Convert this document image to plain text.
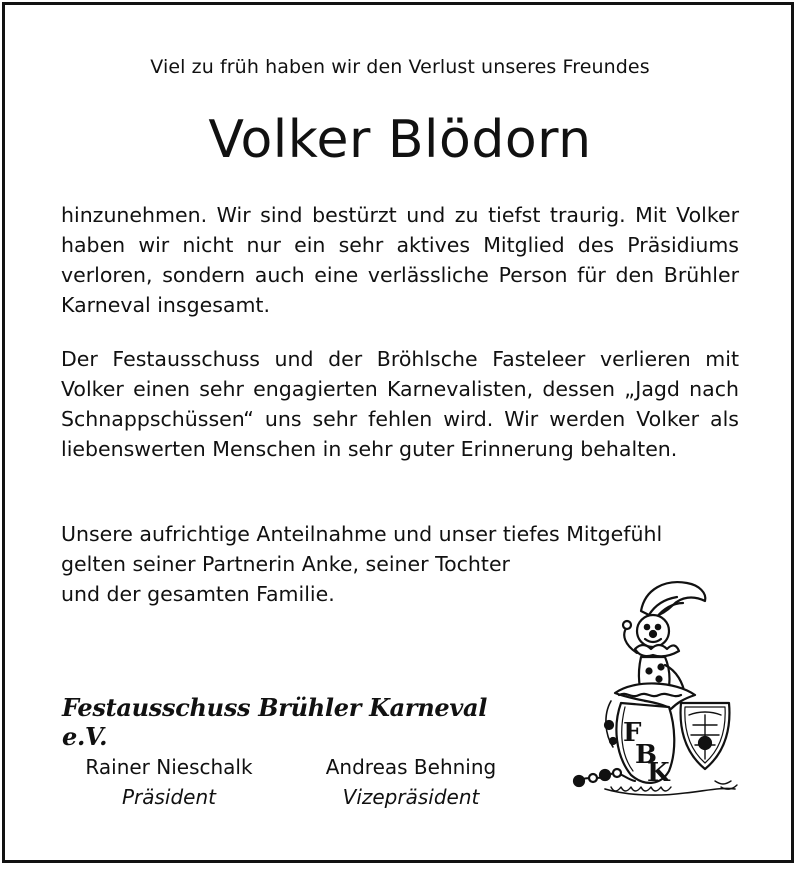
Viel zu früh haben wir den Verlust unseres Freundes
Volker Blödorn
hinzunehmen. Wir sind bestürzt und zu tiefst traurig. Mit Volker haben wir nicht nur ein sehr aktives Mitglied des Präsidiums verloren, sondern auch eine verlässliche Person für den Brühler Karneval insgesamt.
Der Festausschuss und der Bröhlsche Fasteleer verlieren mit Volker einen sehr engagierten Karnevalisten, dessen „Jagd nach Schnappschüssen“ uns sehr fehlen wird. Wir werden Volker als liebenswerten Menschen in sehr guter Erinnerung behalten.
Unsere aufrichtige Anteilnahme und unser tiefes Mitgefühl
gelten seiner Partnerin Anke, seiner Tochter
und der gesamten Familie.
Festausschuss Brühler Karneval e.V.
Rainer Nieschalk
Präsident
Andreas Behning
Vizepräsident
F
B
K
